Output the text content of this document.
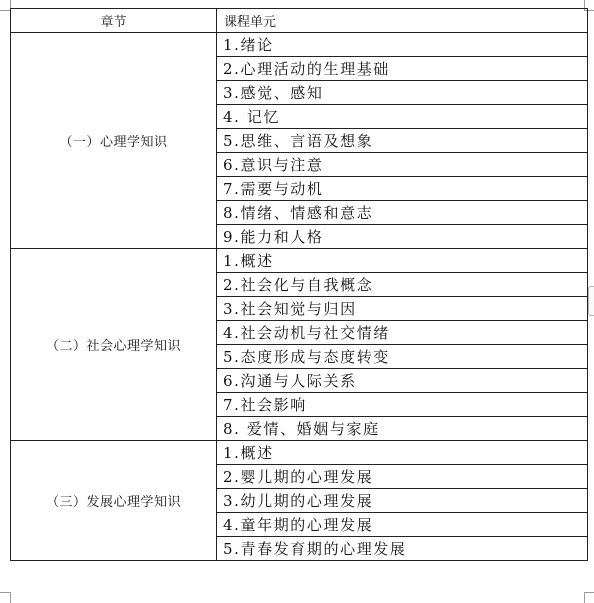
章节	课程单元
（一）心理学知识	1.绪论
	2.心理活动的生理基础
	3.感觉、感知
	4. 记忆
	5.思维、言语及想象
	6.意识与注意
	7.需要与动机
	8.情绪、情感和意志
	9.能力和人格
（二）社会心理学知识	1.概述
	2.社会化与自我概念
	3.社会知觉与归因
	4.社会动机与社交情绪
	5.态度形成与态度转变
	6.沟通与人际关系
	7.社会影响
	8. 爱情、婚姻与家庭
（三）发展心理学知识	1.概述
	2.婴儿期的心理发展
	3.幼儿期的心理发展
	4.童年期的心理发展
	5.青春发育期的心理发展
